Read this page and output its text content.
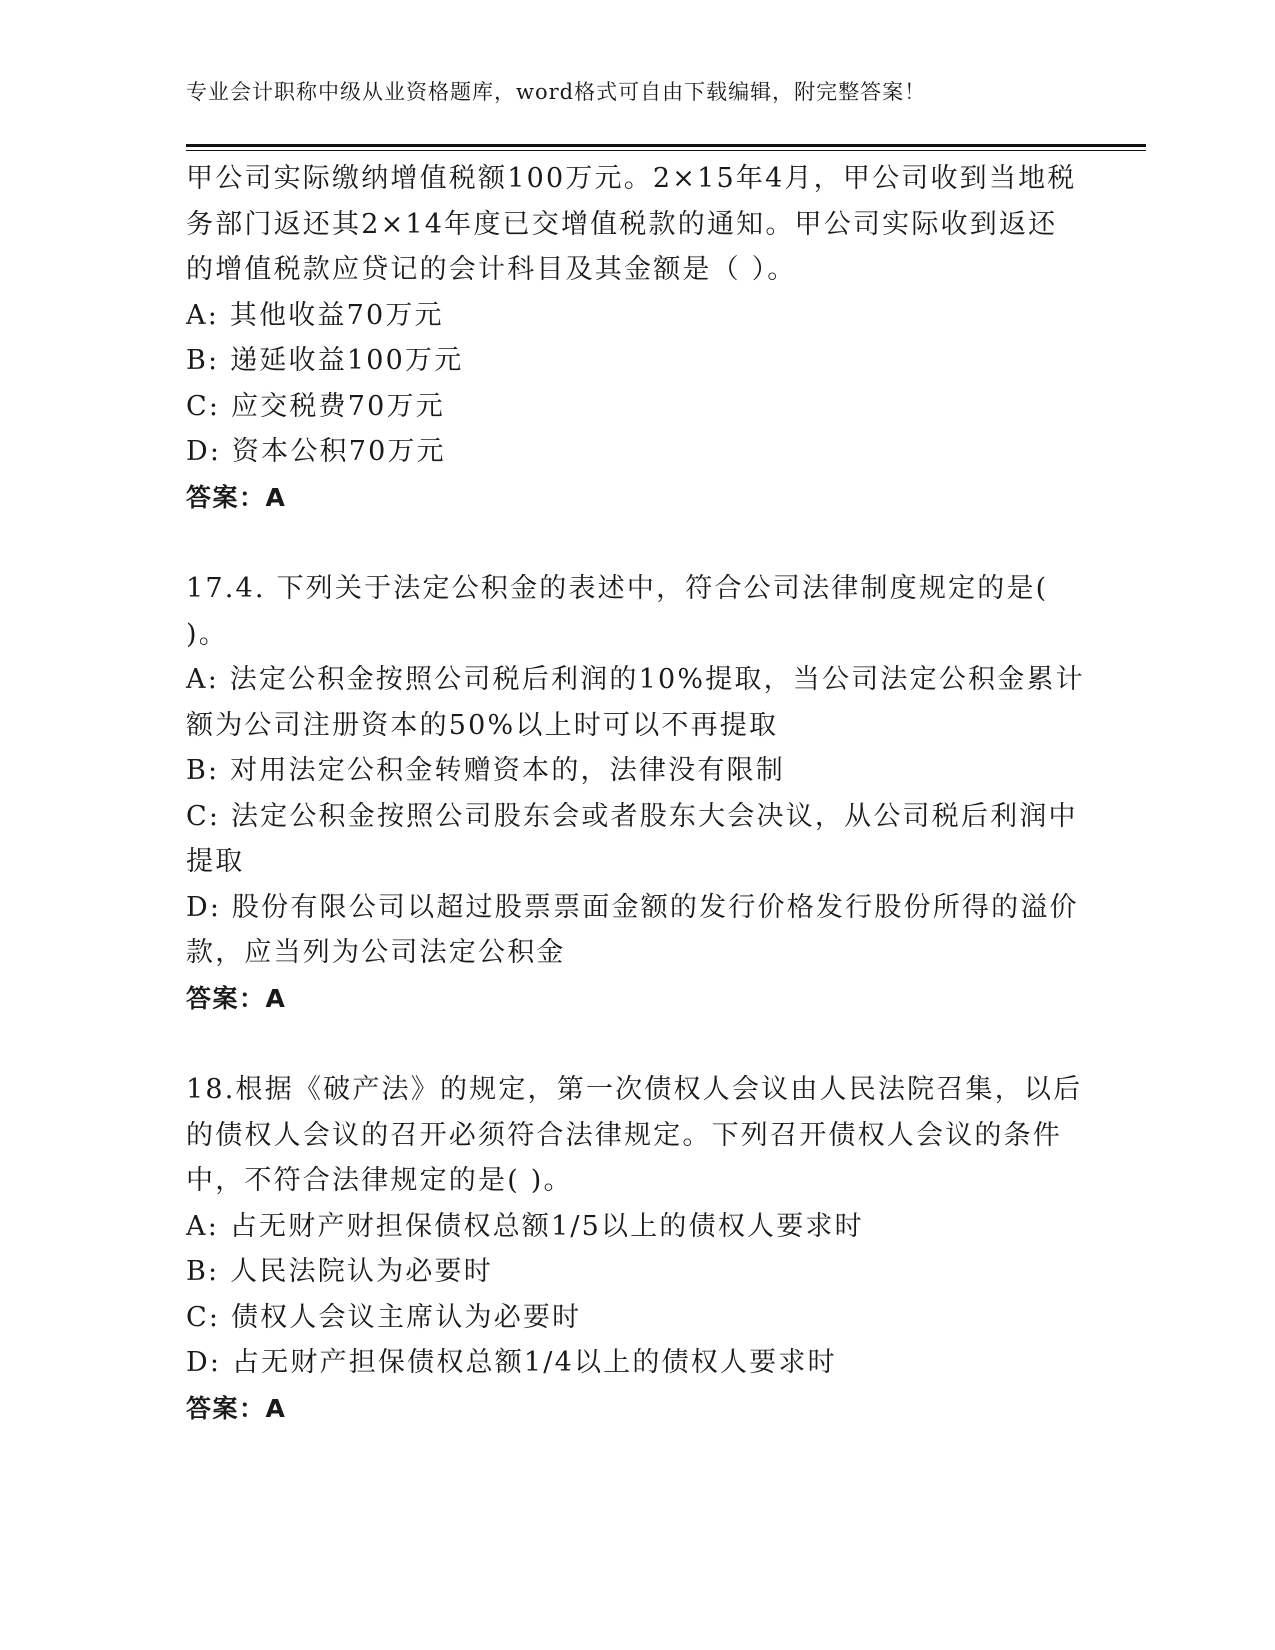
专业会计职称中级从业资格题库，word格式可自由下载编辑，附完整答案！
甲公司实际缴纳增值税额100万元。2×15年4月，甲公司收到当地税
务部门返还其2×14年度已交增值税款的通知。甲公司实际收到返还
的增值税款应贷记的会计科目及其金额是（ ）。
A: 其他收益70万元
B: 递延收益100万元
C: 应交税费70万元
D: 资本公积70万元
答案：A
17.4. 下列关于法定公积金的表述中，符合公司法律制度规定的是(
)。
A: 法定公积金按照公司税后利润的10%提取，当公司法定公积金累计
额为公司注册资本的50%以上时可以不再提取
B: 对用法定公积金转赠资本的，法律没有限制
C: 法定公积金按照公司股东会或者股东大会决议，从公司税后利润中
提取
D: 股份有限公司以超过股票票面金额的发行价格发行股份所得的溢价
款，应当列为公司法定公积金
答案：A
18.根据《破产法》的规定，第一次债权人会议由人民法院召集，以后
的债权人会议的召开必须符合法律规定。下列召开债权人会议的条件
中，不符合法律规定的是( )。
A: 占无财产财担保债权总额1/5以上的债权人要求时
B: 人民法院认为必要时
C: 债权人会议主席认为必要时
D: 占无财产担保债权总额1/4以上的债权人要求时
答案：A
